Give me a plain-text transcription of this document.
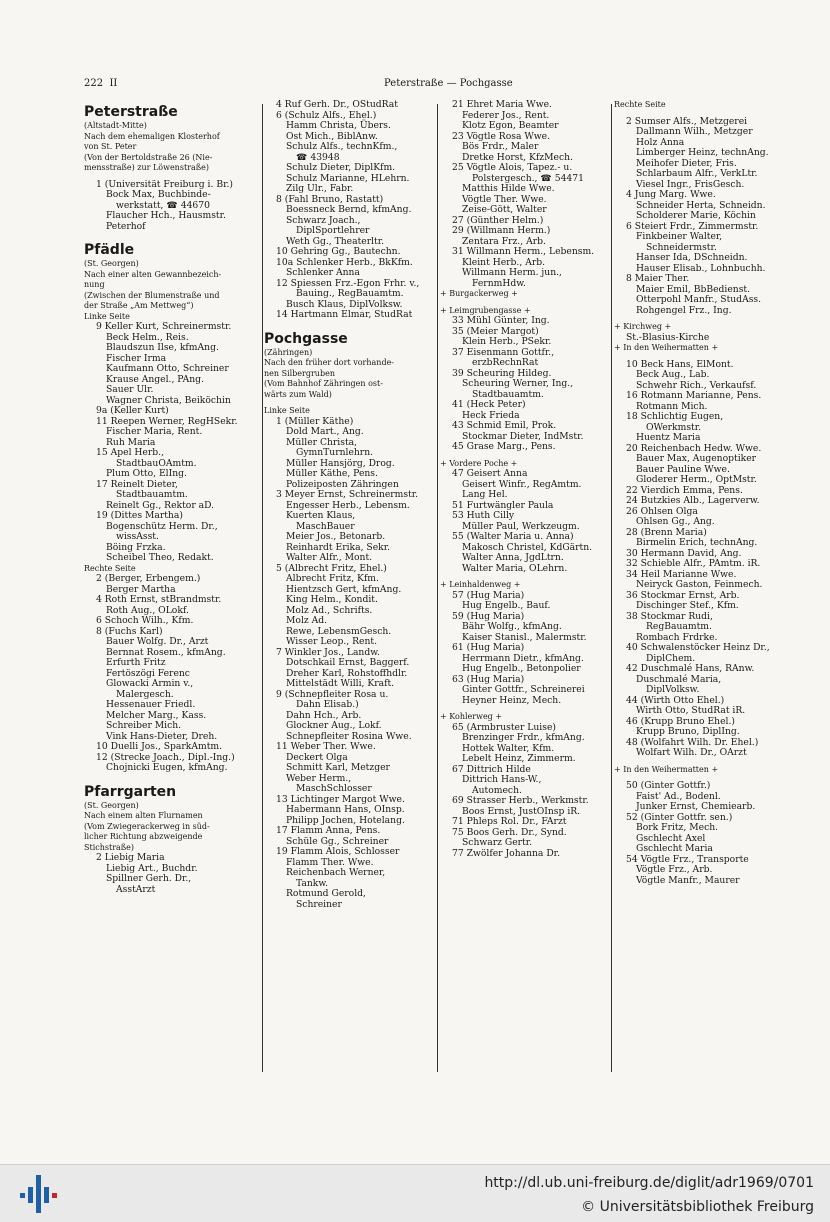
222 II	Peterstraße — Pochgasse
Peterstraße
(Altstadt-Mitte)
Nach dem ehemaligen Klosterhof
von St. Peter
(Von der Bertoldstraße 26 (Nie-
mensstraße) zur Löwenstraße)
1 (Universität Freiburg i. Br.)
Bock Max, Buchbinde-
werkstatt, ☎ 44670
Flaucher Hch., Hausmstr.
Peterhof
Pfädle
(St. Georgen)
Nach einer alten Gewannbezeich-
nung
(Zwischen der Blumenstraße und
der Straße „Am Mettweg“)
Linke Seite
9 Keller Kurt, Schreinermstr.
Beck Helm., Reis.
Blaudszun Ilse, kfmAng.
Fischer Irma
Kaufmann Otto, Schreiner
Krause Angel., PAng.
Sauer Ulr.
Wagner Christa, Beiköchin
9a (Keller Kurt)
11 Reepen Werner, RegHSekr.
Fischer Maria, Rent.
Ruh Maria
15 Apel Herb.,
StadtbauOAmtm.
Plum Otto, ElIng.
17 Reinelt Dieter,
Stadtbauamtm.
Reinelt Gg., Rektor aD.
19 (Dittes Martha)
Bogenschütz Herm. Dr.,
wissAsst.
Böing Frzka.
Scheibel Theo, Redakt.
Rechte Seite
2 (Berger, Erbengem.)
Berger Martha
4 Roth Ernst, stBrandmstr.
Roth Aug., OLokf.
6 Schoch Wilh., Kfm.
8 (Fuchs Karl)
Bauer Wolfg. Dr., Arzt
Bernnat Rosem., kfmAng.
Erfurth Fritz
Fertöszögi Ferenc
Glowacki Armin v.,
Malergesch.
Hessenauer Friedl.
Melcher Marg., Kass.
Schreiber Mich.
Vink Hans-Dieter, Dreh.
10 Duelli Jos., SparkAmtm.
12 (Strecke Joach., Dipl.-Ing.)
Chojnicki Eugen, kfmAng.
Pfarrgarten
(St. Georgen)
Nach einem alten Flurnamen
(Vom Zwiegerackerweg in süd-
licher Richtung abzweigende
Stichstraße)
2 Liebig Maria
Liebig Art., Buchdr.
Spillner Gerh. Dr.,
AsstArzt
4 Ruf Gerh. Dr., OStudRat
6 (Schulz Alfs., Ehel.)
Hamm Christa, Übers.
Ost Mich., BiblAnw.
Schulz Alfs., technKfm.,
☎ 43948
Schulz Dieter, DiplKfm.
Schulz Marianne, HLehrn.
Zilg Ulr., Fabr.
8 (Fahl Bruno, Rastatt)
Boessneck Bernd, kfmAng.
Schwarz Joach.,
DiplSportlehrer
Weth Gg., Theaterltr.
10 Gehring Gg., Bautechn.
10a Schlenker Herb., BkKfm.
Schlenker Anna
12 Spiessen Frz.-Egon Frhr. v.,
Bauing., RegBauamtm.
Busch Klaus, DiplVolksw.
14 Hartmann Elmar, StudRat
Pochgasse
(Zähringen)
Nach den früher dort vorhande-
nen Silbergruben
(Vom Bahnhof Zähringen ost-
wärts zum Wald)
Linke Seite
1 (Müller Käthe)
Dold Mart., Ang.
Müller Christa,
GymnTurnlehrn.
Müller Hansjörg, Drog.
Müller Käthe, Pens.
Polizeiposten Zähringen
3 Meyer Ernst, Schreinermstr.
Engesser Herb., Lebensm.
Kuerten Klaus,
MaschBauer
Meier Jos., Betonarb.
Reinhardt Erika, Sekr.
Walter Alfr., Mont.
5 (Albrecht Fritz, Ehel.)
Albrecht Fritz, Kfm.
Hientzsch Gert, kfmAng.
King Helm., Kondit.
Molz Ad., Schrifts.
Molz Ad.
Rewe, LebensmGesch.
Wisser Leop., Rent.
7 Winkler Jos., Landw.
Dotschkail Ernst, Baggerf.
Dreher Karl, Rohstoffhdlr.
Mittelstädt Willi, Kraft.
9 (Schnepfleiter Rosa u.
Dahn Elisab.)
Dahn Hch., Arb.
Glockner Aug., Lokf.
Schnepfleiter Rosina Wwe.
11 Weber Ther. Wwe.
Deckert Olga
Schmitt Karl, Metzger
Weber Herm.,
MaschSchlosser
13 Lichtinger Margot Wwe.
Habermann Hans, OInsp.
Philipp Jochen, Hotelang.
17 Flamm Anna, Pens.
Schüle Gg., Schreiner
19 Flamm Alois, Schlosser
Flamm Ther. Wwe.
Reichenbach Werner,
Tankw.
Rotmund Gerold,
Schreiner
21 Ehret Maria Wwe.
Federer Jos., Rent.
Klotz Egon, Beamter
23 Vögtle Rosa Wwe.
Bös Frdr., Maler
Dretke Horst, KfzMech.
25 Vögtle Alois, Tapez.- u.
Polstergesch., ☎ 54471
Matthis Hilde Wwe.
Vögtle Ther. Wwe.
Zeise-Gött, Walter
27 (Günther Helm.)
29 (Willmann Herm.)
Zentara Frz., Arb.
31 Willmann Herm., Lebensm.
Kleint Herb., Arb.
Willmann Herm. jun.,
FernmHdw.
+ Burgackerweg +
+ Leimgrubengasse +
33 Mühl Günter, Ing.
35 (Meier Margot)
Klein Herb., PSekr.
37 Eisenmann Gottfr.,
erzbRechnRat
39 Scheuring Hildeg.
Scheuring Werner, Ing.,
Stadtbauamtm.
41 (Heck Peter)
Heck Frieda
43 Schmid Emil, Prok.
Stockmar Dieter, IndMstr.
45 Grase Marg., Pens.
+ Vordere Poche +
47 Geisert Anna
Geisert Winfr., RegAmtm.
Lang Hel.
51 Furtwängler Paula
53 Huth Cilly
Müller Paul, Werkzeugm.
55 (Walter Maria u. Anna)
Makosch Christel, KdGärtn.
Walter Anna, JgdLtrn.
Walter Maria, OLehrn.
+ Leinhaldenweg +
57 (Hug Maria)
Hug Engelb., Bauf.
59 (Hug Maria)
Bähr Wolfg., kfmAng.
Kaiser Stanisl., Malermstr.
61 (Hug Maria)
Herrmann Dietr., kfmAng.
Hug Engelb., Betonpolier
63 (Hug Maria)
Ginter Gottfr., Schreinerei
Heyner Heinz, Mech.
+ Kohlerweg +
65 (Armbruster Luise)
Brenzinger Frdr., kfmAng.
Hottek Walter, Kfm.
Lebelt Heinz, Zimmerm.
67 Dittrich Hilde
Dittrich Hans-W.,
Automech.
69 Strasser Herb., Werkmstr.
Boos Ernst, JustOInsp iR.
71 Phleps Rol. Dr., FArzt
75 Boos Gerh. Dr., Synd.
Schwarz Gertr.
77 Zwölfer Johanna Dr.
Rechte Seite
2 Sumser Alfs., Metzgerei
Dallmann Wilh., Metzger
Holz Anna
Limberger Heinz, technAng.
Meihofer Dieter, Fris.
Schlarbaum Alfr., VerkLtr.
Viesel Ingr., FrisGesch.
4 Jung Marg. Wwe.
Schneider Herta, Schneidn.
Scholderer Marie, Köchin
6 Steiert Frdr., Zimmermstr.
Finkbeiner Walter,
Schneidermstr.
Hanser Ida, DSchneidn.
Hauser Elisab., Lohnbuchh.
8 Maier Ther.
Maier Emil, BbBedienst.
Otterpohl Manfr., StudAss.
Rohgengel Frz., Ing.
+ Kirchweg +
St.-Blasius-Kirche
+ In den Weihermatten +
10 Beck Hans, ElMont.
Beck Aug., Lab.
Schwehr Rich., Verkaufsf.
16 Rotmann Marianne, Pens.
Rotmann Mich.
18 Schlichtig Eugen,
OWerkmstr.
Huentz Maria
20 Reichenbach Hedw. Wwe.
Bauer Max, Augenoptiker
Bauer Pauline Wwe.
Gloderer Herm., OptMstr.
22 Vierdich Emma, Pens.
24 Butzkies Alb., Lagerverw.
26 Ohlsen Olga
Ohlsen Gg., Ang.
28 (Brenn Maria)
Birmelin Erich, technAng.
30 Hermann David, Ang.
32 Schieble Alfr., PAmtm. iR.
34 Heil Marianne Wwe.
Neiryck Gaston, Feinmech.
36 Stockmar Ernst, Arb.
Dischinger Stef., Kfm.
38 Stockmar Rudi,
RegBauamtm.
Rombach Frdrke.
40 Schwalenstöcker Heinz Dr.,
DiplChem.
42 Duschmalé Hans, RAnw.
Duschmalé Maria,
DiplVolksw.
44 (Wirth Otto Ehel.)
Wirth Otto, StudRat iR.
46 (Krupp Bruno Ehel.)
Krupp Bruno, DiplIng.
48 (Wolfahrt Wilh. Dr. Ehel.)
Wolfart Wilh. Dr., OArzt
+ In den Weihermatten +
50 (Ginter Gottfr.)
Faist' Ad., Bodenl.
Junker Ernst, Chemiearb.
52 (Ginter Gottfr. sen.)
Bork Fritz, Mech.
Gschlecht Axel
Gschlecht Maria
54 Vögtle Frz., Transporte
Vögtle Frz., Arb.
Vögtle Manfr., Maurer
http://dl.ub.uni-freiburg.de/diglit/adr1969/0701
© Universitätsbibliothek Freiburg
